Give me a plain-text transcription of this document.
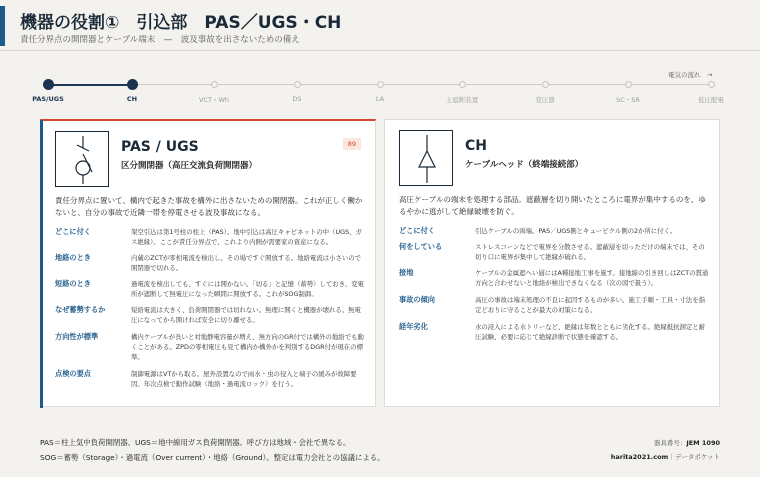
機器の役割①　引込部　PAS／UGS・CH
責任分界点の開閉器とケーブル端末　―　波及事故を出さないための備え
電気の流れ　→
PAS/UGS	CH	VCT・Wh	DS	LA	主遮断装置	変圧器	SC・SR	低圧配電
PAS / UGS
区分開閉器（高圧交流負荷開閉器）
89
責任分界点に置いて、構内で起きた事故を構外に出さないための開閉器。これが正しく働かないと、自分の事故で近隣一帯を停電させる波及事故になる。
どこに付く	架空引込は第1号柱の柱上（PAS）。地中引込は高圧キャビネットの中（UGS、ガス絶縁）。ここが責任分界点で、これより内側が需要家の資産になる。
地絡のとき	内蔵のZCTが零相電流を検出し、その場ですぐ開放する。地絡電流は小さいので開閉器で切れる。
短絡のとき	過電流を検出しても、すぐには開かない。「切る」と記憶（蓄勢）しておき、変電所が遮断して無電圧になった瞬間に開放する。これがSOG制御。
なぜ蓄勢するか	短絡電流は大きく、負荷開閉器では切れない。無理に開くと機器が壊れる。無電圧になってから開ければ安全に切り離せる。
方向性が標準	構内ケーブルが長いと対地静電容量が増え、無方向のGR付では構外の地絡でも動くことがある。ZPDの零相電圧も見て構内か構外かを判別するDGR付が現在の標準。
点検の要点	制御電源はVTから取る。屋外設置なので雨水・虫の侵入と端子の緩みが故障要因。年次点検で動作試験（地絡・過電流ロック）を行う。
CH
ケーブルヘッド（終端接続部）
高圧ケーブルの端末を処理する部品。遮蔽層を切り開いたところに電界が集中するのを、ゆるやかに逃がして絶縁破壊を防ぐ。
どこに付く	引込ケーブルの両端。PAS／UGS側とキュービクル側の2か所に付く。
何をしている	ストレスコーンなどで電界を分散させる。遮蔽層を切っただけの端末では、その切り口に電界が集中して絶縁が破れる。
接地	ケーブルの金属遮へい層にはA種接地工事を施す。接地線の引き回しはZCTの貫通方向と合わせないと地絡が検出できなくなる（次の図で扱う）。
事故の傾向	高圧の事故は端末処理の不良に起因するものが多い。施工手順・工具・寸法を指定どおりに守ることが最大の対策になる。
経年劣化	水の浸入による水トリーなど、絶縁は年数とともに劣化する。絶縁抵抗測定と耐圧試験、必要に応じて絶縁診断で状態を確認する。
PAS＝柱上気中負荷開閉器、UGS＝地中線用ガス負荷開閉器。呼び方は地域・会社で異なる。
SOG＝蓄勢（Storage）・過電流（Over current）・地絡（Ground）。整定は電力会社との協議による。
器具番号：JEM 1090
harita2021.com｜データポケット
